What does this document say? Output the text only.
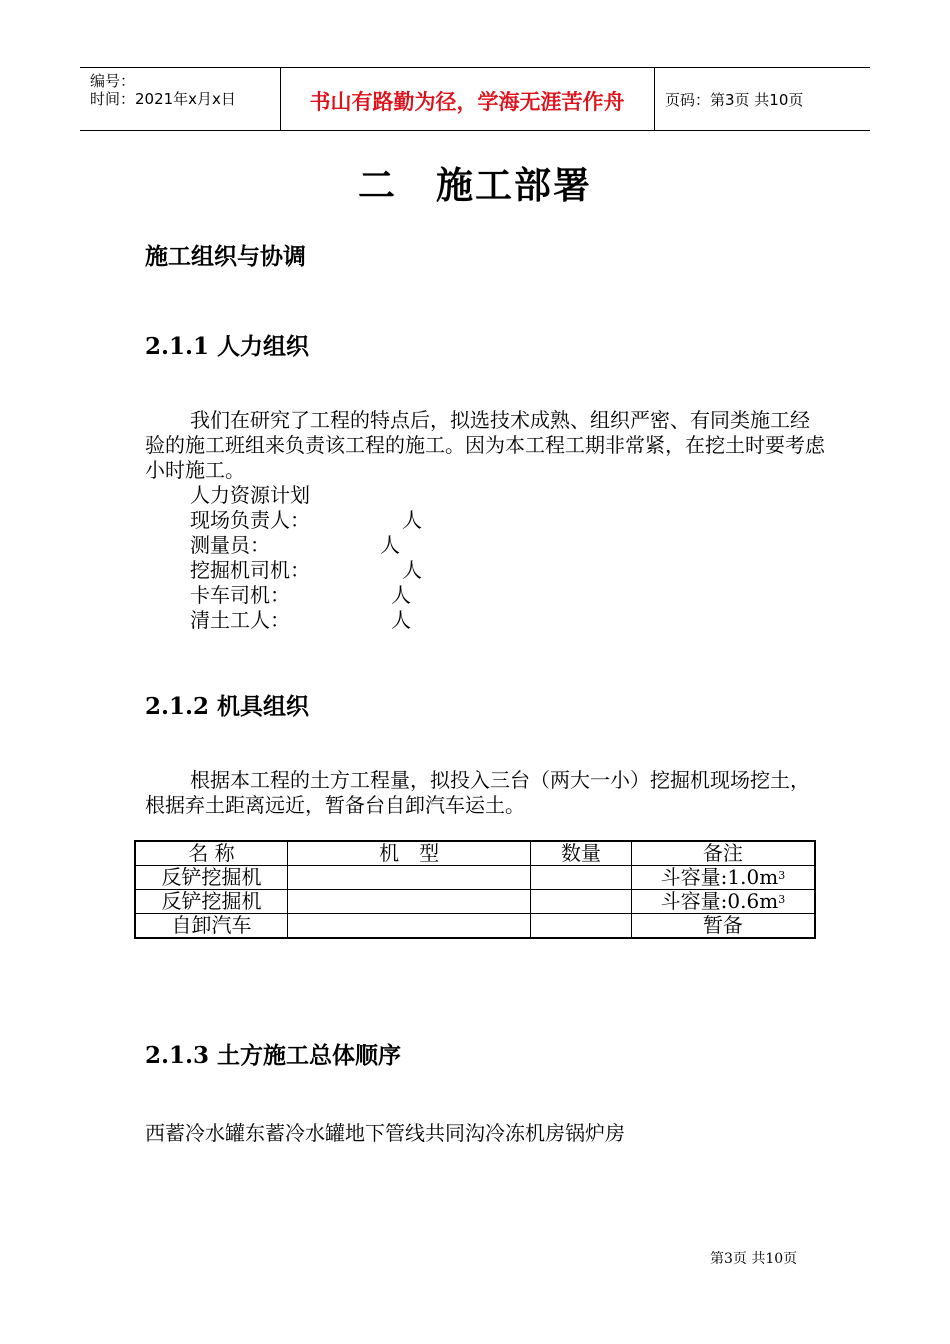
编号：
时间：2021年x月x日	书山有路勤为径，学海无涯苦作舟	页码：第3页 共10页
二　施工部署
施工组织与协调
2.1.1 人力组织
我们在研究了工程的特点后，拟选技术成熟、组织严密、有同类施工经验的施工班组来负责该工程的施工。因为本工程工期非常紧，在挖土时要考虑小时施工。
人力资源计划
现场负责人：	人
测量员：	人
挖掘机司机：	人
卡车司机：	人
清土工人：	人
2.1.2 机具组织
根据本工程的土方工程量，拟投入三台（两大一小）挖掘机现场挖土，根据弃土距离远近，暂备台自卸汽车运土。
名 称	机　型	数量	备注
反铲挖掘机			斗容量$:1.0m^3$
反铲挖掘机			斗容量$:0.6m^3$
自卸汽车			暂备
2.1.3 土方施工总体顺序
西蓄冷水罐东蓄冷水罐地下管线共同沟冷冻机房锅炉房
第3页 共10页
